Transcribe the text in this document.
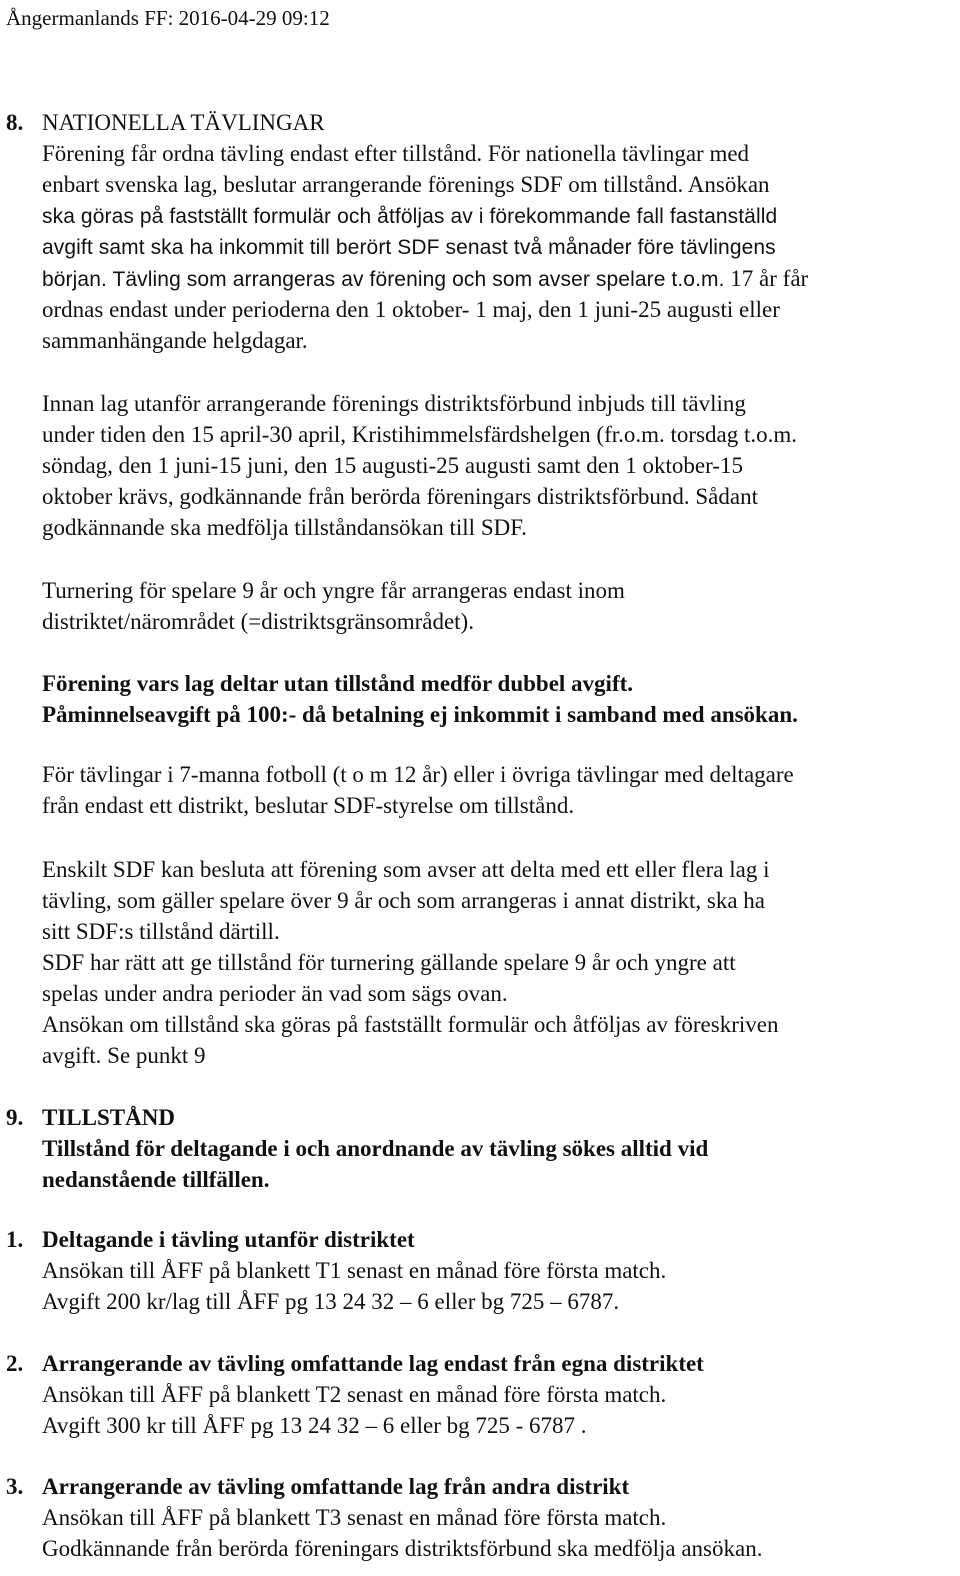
Ångermanlands FF: 2016-04-29 09:12
8. NATIONELLA TÄVLINGAR
Förening får ordna tävling endast efter tillstånd. För nationella tävlingar med
enbart svenska lag, beslutar arrangerande förenings SDF om tillstånd. Ansökan
ska göras på fastställt formulär och åtföljas av i förekommande fall fastanställd
avgift samt ska ha inkommit till berört SDF senast två månader före tävlingens
början. Tävling som arrangeras av förening och som avser spelare t.o.m. 17 år får
ordnas endast under perioderna den 1 oktober- 1 maj, den 1 juni-25 augusti eller
sammanhängande helgdagar.
Innan lag utanför arrangerande förenings distriktsförbund inbjuds till tävling
under tiden den 15 april-30 april, Kristihimmelsfärdshelgen (fr.o.m. torsdag t.o.m.
söndag, den 1 juni-15 juni, den 15 augusti-25 augusti samt den 1 oktober-15
oktober krävs, godkännande från berörda föreningars distriktsförbund. Sådant
godkännande ska medfölja tillståndansökan till SDF.
Turnering för spelare 9 år och yngre får arrangeras endast inom
distriktet/närområdet (=distriktsgränsområdet).
Förening vars lag deltar utan tillstånd medför dubbel avgift.
Påminnelseavgift på 100:- då betalning ej inkommit i samband med ansökan.
För tävlingar i 7-manna fotboll (t o m 12 år) eller i övriga tävlingar med deltagare
från endast ett distrikt, beslutar SDF-styrelse om tillstånd.
Enskilt SDF kan besluta att förening som avser att delta med ett eller flera lag i
tävling, som gäller spelare över 9 år och som arrangeras i annat distrikt, ska ha
sitt SDF:s tillstånd därtill.
SDF har rätt att ge tillstånd för turnering gällande spelare 9 år och yngre att
spelas under andra perioder än vad som sägs ovan.
Ansökan om tillstånd ska göras på fastställt formulär och åtföljas av föreskriven
avgift. Se punkt 9
9. TILLSTÅND
Tillstånd för deltagande i och anordnande av tävling sökes alltid vid
nedanstående tillfällen.
1. Deltagande i tävling utanför distriktet
Ansökan till ÅFF på blankett T1 senast en månad före första match.
Avgift 200 kr/lag till ÅFF pg 13 24 32 – 6 eller bg 725 – 6787.
2. Arrangerande av tävling omfattande lag endast från egna distriktet
Ansökan till ÅFF på blankett T2 senast en månad före första match.
Avgift 300 kr till ÅFF pg 13 24 32 – 6 eller bg 725 - 6787 .
3. Arrangerande av tävling omfattande lag från andra distrikt
Ansökan till ÅFF på blankett T3 senast en månad före första match.
Godkännande från berörda föreningars distriktsförbund ska medfölja ansökan.
